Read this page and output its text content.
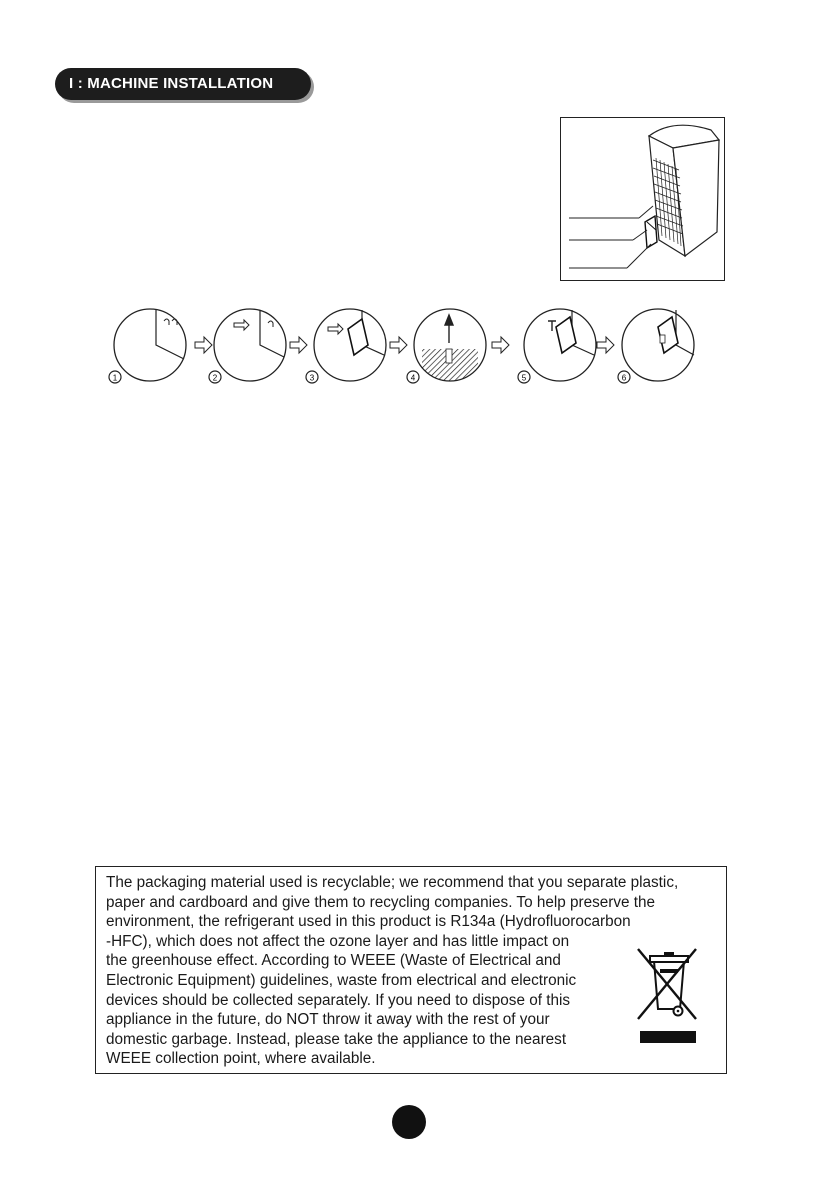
I : MACHINE INSTALLATION
1	2	3	4	5	6
The packaging material used is recyclable; we recommend that you separate plastic,
paper and cardboard and give them to recycling companies. To help preserve the
environment, the refrigerant used in this product is R134a (Hydrofluorocarbon
-HFC), which does not affect the ozone layer and has little impact on
the greenhouse effect. According to WEEE (Waste of Electrical and
Electronic Equipment) guidelines, waste from electrical and electronic
devices should be collected separately. If you need to dispose of this
appliance in the future, do NOT throw it away with the rest of your
domestic garbage. Instead, please take the appliance to the nearest
WEEE collection point, where available.
